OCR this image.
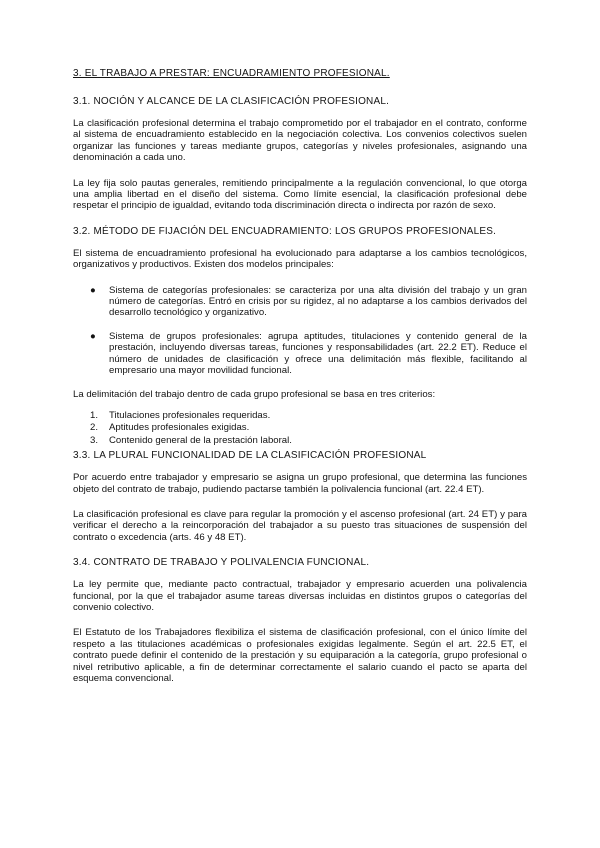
3. EL TRABAJO A PRESTAR: ENCUADRAMIENTO PROFESIONAL.
3.1. NOCIÓN Y ALCANCE DE LA CLASIFICACIÓN PROFESIONAL.

La clasificación profesional determina el trabajo comprometido por el trabajador en el contrato, conforme al sistema de encuadramiento establecido en la negociación colectiva. Los convenios colectivos suelen organizar las funciones y tareas mediante grupos, categorías y niveles profesionales, asignando una denominación a cada uno.

La ley fija solo pautas generales, remitiendo principalmente a la regulación convencional, lo que otorga una amplia libertad en el diseño del sistema. Como límite esencial, la clasificación profesional debe respetar el principio de igualdad, evitando toda discriminación directa o indirecta por razón de sexo.

3.2. MÉTODO DE FIJACIÓN DEL ENCUADRAMIENTO: LOS GRUPOS PROFESIONALES.

El sistema de encuadramiento profesional ha evolucionado para adaptarse a los cambios tecnológicos, organizativos y productivos. Existen dos modelos principales:

● Sistema de categorías profesionales: se caracteriza por una alta división del trabajo y un gran número de categorías. Entró en crisis por su rigidez, al no adaptarse a los cambios derivados del desarrollo tecnológico y organizativo.
● Sistema de grupos profesionales: agrupa aptitudes, titulaciones y contenido general de la prestación, incluyendo diversas tareas, funciones y responsabilidades (art. 22.2 ET). Reduce el número de unidades de clasificación y ofrece una delimitación más flexible, facilitando al empresario una mayor movilidad funcional.

La delimitación del trabajo dentro de cada grupo profesional se basa en tres criterios:

1. Titulaciones profesionales requeridas.
2. Aptitudes profesionales exigidas.
3. Contenido general de la prestación laboral.
3.3. LA PLURAL FUNCIONALIDAD DE LA CLASIFICACIÓN PROFESIONAL

Por acuerdo entre trabajador y empresario se asigna un grupo profesional, que determina las funciones objeto del contrato de trabajo, pudiendo pactarse también la polivalencia funcional (art. 22.4 ET).

La clasificación profesional es clave para regular la promoción y el ascenso profesional (art. 24 ET) y para verificar el derecho a la reincorporación del trabajador a su puesto tras situaciones de suspensión del contrato o excedencia (arts. 46 y 48 ET).

3.4. CONTRATO DE TRABAJO Y POLIVALENCIA FUNCIONAL.

La ley permite que, mediante pacto contractual, trabajador y empresario acuerden una polivalencia funcional, por la que el trabajador asume tareas diversas incluidas en distintos grupos o categorías del convenio colectivo.

El Estatuto de los Trabajadores flexibiliza el sistema de clasificación profesional, con el único límite del respeto a las titulaciones académicas o profesionales exigidas legalmente. Según el art. 22.5 ET, el contrato puede definir el contenido de la prestación y su equiparación a la categoría, grupo profesional o nivel retributivo aplicable, a fin de determinar correctamente el salario cuando el pacto se aparta del esquema convencional.
